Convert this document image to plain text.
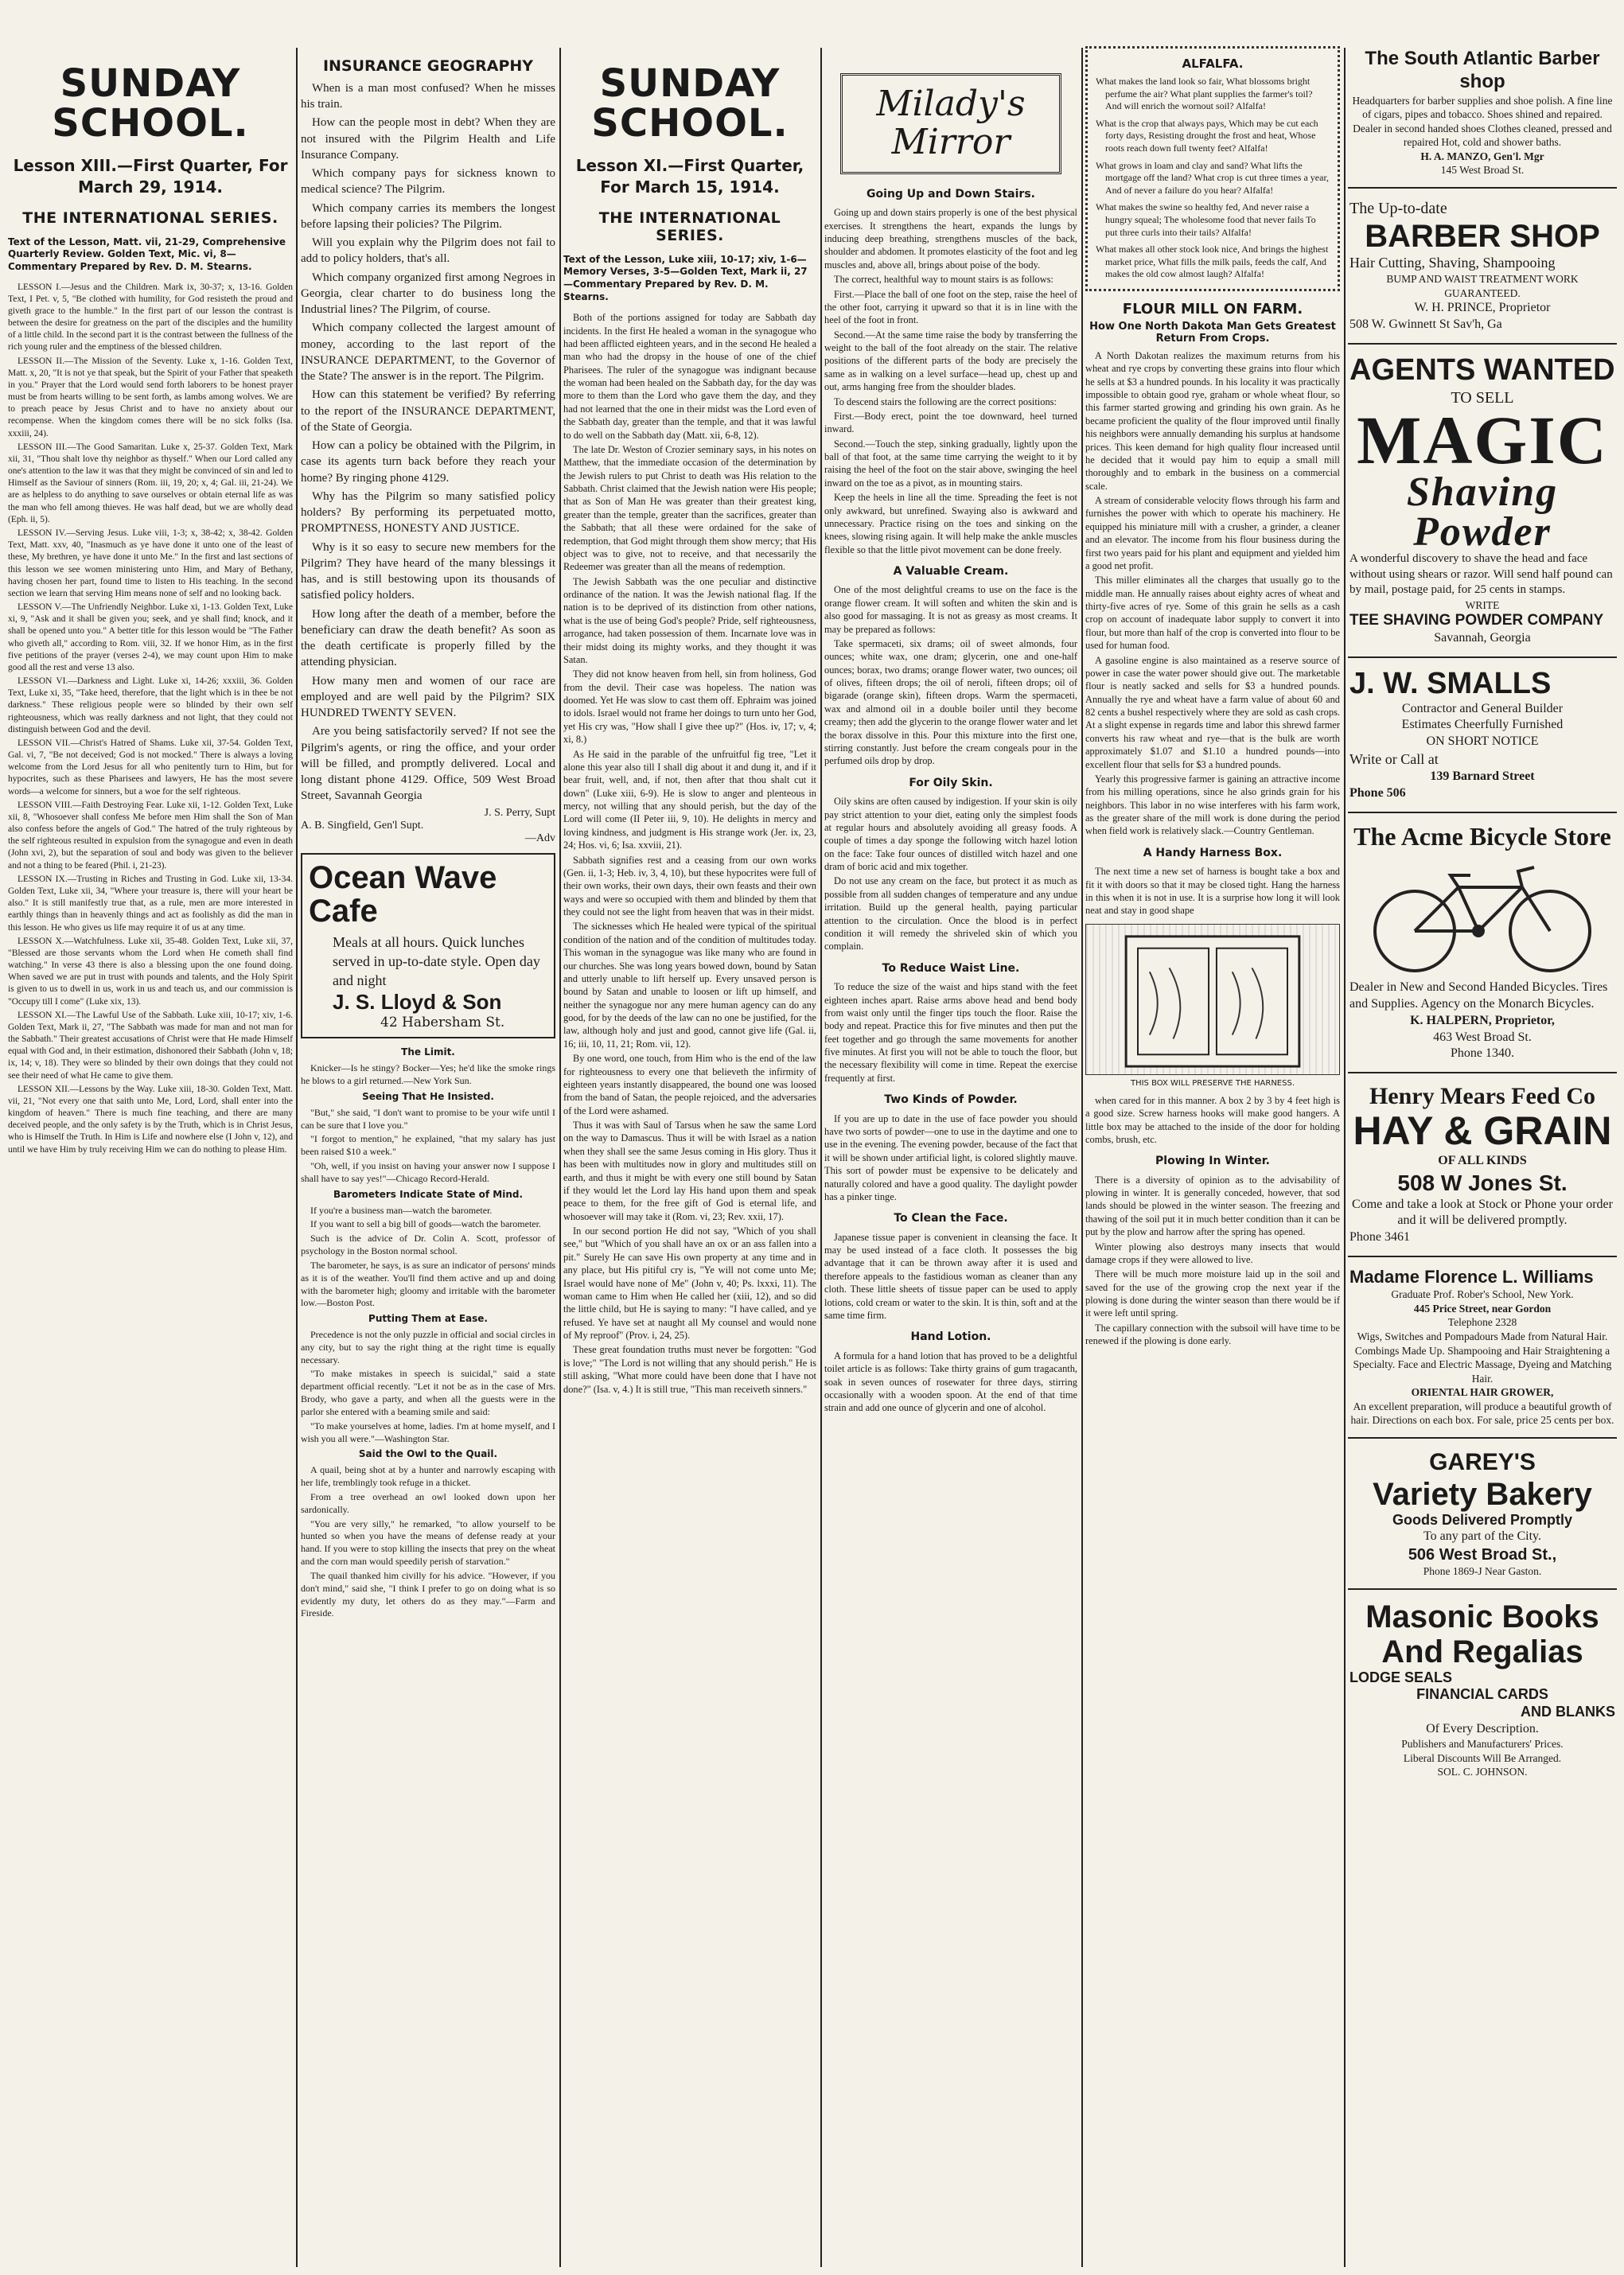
SUNDAY SCHOOL.
Lesson XIII.—First Quarter, For March 29, 1914.
THE INTERNATIONAL SERIES.
Text of the Lesson, Matt. vii, 21-29, Comprehensive Quarterly Review. Golden Text, Mic. vi, 8—Commentary Prepared by Rev. D. M. Stearns.

LESSON I.—Jesus and the Children. Mark ix, 30-37; x, 13-16. Golden Text, I Pet. v, 5, "Be clothed with humility, for God resisteth the proud and giveth grace to the humble." In the first part of our lesson the contrast is between the desire for greatness on the part of the disciples and the humility of a little child. In the second part it is the contrast between the fullness of the rich young ruler and the emptiness of the blessed children.

LESSON II.—The Mission of the Seventy. Luke x, 1-16. Golden Text, Matt. x, 20, "It is not ye that speak, but the Spirit of your Father that speaketh in you." Prayer that the Lord would send forth laborers to be honest prayer must be from hearts willing to be sent forth, as lambs among wolves. We are to preach peace by Jesus Christ and to have no anxiety about our recompense. When the kingdom comes there will be no sick folks (Isa. xxxiii, 24).

LESSON III.—The Good Samaritan. Luke x, 25-37. Golden Text, Mark xii, 31, "Thou shalt love thy neighbor as thyself." When our Lord called any one's attention to the law it was that they might be convinced of sin and led to Himself as the Saviour of sinners (Rom. iii, 19, 20; x, 4; Gal. iii, 21-24). We are as helpless to do anything to save ourselves or obtain eternal life as was the man who fell among thieves. He was half dead, but we are wholly dead (Eph. ii, 5).

LESSON IV.—Serving Jesus. Luke viii, 1-3; x, 38-42; x, 38-42. Golden Text, Matt. xxv, 40, "Inasmuch as ye have done it unto one of the least of these, My brethren, ye have done it unto Me." In the first and last sections of this lesson we see women ministering unto Him, and Mary of Bethany, having chosen her part, found time to listen to His teaching. In the second section we learn that serving Him means none of self and no looking back.

LESSON V.—The Unfriendly Neighbor. Luke xi, 1-13. Golden Text, Luke xi, 9, "Ask and it shall be given you; seek, and ye shall find; knock, and it shall be opened unto you." A better title for this lesson would be "The Father who giveth all," according to Rom. viii, 32. If we honor Him, as in the first five petitions of the prayer (verses 2-4), we may count upon Him to make good all the rest and verse 13 also.

LESSON VI.—Darkness and Light. Luke xi, 14-26; xxxiii, 36. Golden Text, Luke xi, 35, "Take heed, therefore, that the light which is in thee be not darkness." These religious people were so blinded by their own self righteousness, which was really darkness and not light, that they could not distinguish between God and the devil.

LESSON VII.—Christ's Hatred of Shams. Luke xii, 37-54. Golden Text, Gal. vi, 7, "Be not deceived; God is not mocked." There is always a loving welcome from the Lord Jesus for all who penitently turn to Him, but for hypocrites, such as these Pharisees and lawyers, He has the most severe words—a welcome for sinners, but a woe for the self righteous.

LESSON VIII.—Faith Destroying Fear. Luke xii, 1-12. Golden Text, Luke xii, 8, "Whosoever shall confess Me before men Him shall the Son of Man also confess before the angels of God." The hatred of the truly righteous by the self righteous resulted in expulsion from the synagogue and even in death (John xvi, 2), but the separation of soul and body was given to the believer and not a thing to be feared (Phil. i, 21-23).

LESSON IX.—Trusting in Riches and Trusting in God. Luke xii, 13-34. Golden Text, Luke xii, 34, "Where your treasure is, there will your heart be also." It is still manifestly true that, as a rule, men are more interested in earthly things than in heavenly things and act as foolishly as did the man in this lesson. He who gives us life may require it of us at any time.

LESSON X.—Watchfulness. Luke xii, 35-48. Golden Text, Luke xii, 37, "Blessed are those servants whom the Lord when He cometh shall find watching." In verse 43 there is also a blessing upon the one found doing. When saved we are put in trust with pounds and talents, and the Holy Spirit is given to us to dwell in us, work in us and teach us, and our commission is "Occupy till I come" (Luke xix, 13).

LESSON XI.—The Lawful Use of the Sabbath. Luke xiii, 10-17; xiv, 1-6. Golden Text, Mark ii, 27, "The Sabbath was made for man and not man for the Sabbath." Their greatest accusations of Christ were that He made Himself equal with God and, in their estimation, dishonored their Sabbath (John v, 18; ix, 14; v, 18). They were so blinded by their own doings that they could not see their need of what He came to give them.

LESSON XII.—Lessons by the Way. Luke xiii, 18-30. Golden Text, Matt. vii, 21, "Not every one that saith unto Me, Lord, Lord, shall enter into the kingdom of heaven." There is much fine teaching, and there are many deceived people, and the only safety is by the Truth, which is in Christ Jesus, who is Himself the Truth. In Him is Life and nowhere else (I John v, 12), and until we have Him by truly receiving Him we can do nothing to please Him.

INSURANCE GEOGRAPHY

When is a man most confused? When he misses his train.

How can the people most in debt? When they are not insured with the Pilgrim Health and Life Insurance Company.

Which company pays for sickness known to medical science? The Pilgrim.

Which company carries its members the longest before lapsing their policies? The Pilgrim.

Will you explain why the Pilgrim does not fail to add to policy holders, that's all.

Which company organized first among Negroes in Georgia, clear charter to do business long the Industrial lines? The Pilgrim, of course.

Which company collected the largest amount of money, according to the last report of the INSURANCE DEPARTMENT, to the Governor of the State? The answer is in the report. The Pilgrim.

How can this statement be verified? By referring to the report of the INSURANCE DEPARTMENT, of the State of Georgia.

How can a policy be obtained with the Pilgrim, in case its agents turn back before they reach your home? By ringing phone 4129.

Why has the Pilgrim so many satisfied policy holders? By performing its perpetuated motto, PROMPTNESS, HONESTY AND JUSTICE.

Why is it so easy to secure new members for the Pilgrim? They have heard of the many blessings it has, and is still bestowing upon its thousands of satisfied policy holders.

How long after the death of a member, before the beneficiary can draw the death benefit? As soon as the death certificate is properly filled by the attending physician.

How many men and women of our race are employed and are well paid by the Pilgrim? SIX HUNDRED TWENTY SEVEN.

Are you being satisfactorily served? If not see the Pilgrim's agents, or ring the office, and your order will be filled, and promptly delivered. Local and long distant phone 4129. Office, 509 West Broad Street, Savannah Georgia

J. S. Perry, Supt
A. B. Singfield, Gen'l Supt.
—Adv
Ocean Wave Cafe
Meals at all hours. Quick lunches served in up-to-date style. Open day and night
J. S. Lloyd & Son
42 Habersham St.
The Limit.

Knicker—Is he stingy? Bocker—Yes; he'd like the smoke rings he blows to a girl returned.—New York Sun.

Seeing That He Insisted.

"But," she said, "I don't want to promise to be your wife until I can be sure that I love you."

"I forgot to mention," he explained, "that my salary has just been raised $10 a week."

"Oh, well, if you insist on having your answer now I suppose I shall have to say yes!"—Chicago Record-Herald.

Barometers Indicate State of Mind.

If you're a business man—watch the barometer.

If you want to sell a big bill of goods—watch the barometer.

Such is the advice of Dr. Colin A. Scott, professor of psychology in the Boston normal school.

The barometer, he says, is as sure an indicator of persons' minds as it is of the weather. You'll find them active and up and doing with the barometer high; gloomy and irritable with the barometer low.—Boston Post.

Putting Them at Ease.

Precedence is not the only puzzle in official and social circles in any city, but to say the right thing at the right time is equally necessary.

"To make mistakes in speech is suicidal," said a state department official recently. "Let it not be as in the case of Mrs. Brody, who gave a party, and when all the guests were in the parlor she entered with a beaming smile and said:

"To make yourselves at home, ladies. I'm at home myself, and I wish you all were."—Washington Star.

Said the Owl to the Quail.

A quail, being shot at by a hunter and narrowly escaping with her life, tremblingly took refuge in a thicket.

From a tree overhead an owl looked down upon her sardonically.

"You are very silly," he remarked, "to allow yourself to be hunted so when you have the means of defense ready at your hand. If you were to stop killing the insects that prey on the wheat and the corn man would speedily perish of starvation."

The quail thanked him civilly for his advice. "However, if you don't mind," said she, "I think I prefer to go on doing what is so evidently my duty, let others do as they may."—Farm and Fireside.

SUNDAY SCHOOL.
Lesson XI.—First Quarter, For March 15, 1914.
THE INTERNATIONAL SERIES.
Text of the Lesson, Luke xiii, 10-17; xiv, 1-6—Memory Verses, 3-5—Golden Text, Mark ii, 27—Commentary Prepared by Rev. D. M. Stearns.

Both of the portions assigned for today are Sabbath day incidents. In the first He healed a woman in the synagogue who had been afflicted eighteen years, and in the second He healed a man who had the dropsy in the house of one of the chief Pharisees. The ruler of the synagogue was indignant because the woman had been healed on the Sabbath day, for the day was more to them than the Lord who gave them the day, and they had not learned that the one in their midst was the Lord even of the Sabbath day, greater than the temple, and that it was lawful to do well on the Sabbath day (Matt. xii, 6-8, 12).

The late Dr. Weston of Crozier seminary says, in his notes on Matthew, that the immediate occasion of the determination by the Jewish rulers to put Christ to death was His relation to the Sabbath. Christ claimed that the Jewish nation were His people; that as Son of Man He was greater than their greatest king, greater than the temple, greater than the sacrifices, greater than the Sabbath; that all these were ordained for the sake of redemption, that God might through them show mercy; that His object was to give, not to receive, and that necessarily the Redeemer was greater than all the means of redemption.

The Jewish Sabbath was the one peculiar and distinctive ordinance of the nation. It was the Jewish national flag. If the nation is to be deprived of its distinction from other nations, what is the use of being God's people? Pride, self righteousness, arrogance, had taken possession of them. Incarnate love was in their midst doing its mighty works, and they thought it was Satan.

They did not know heaven from hell, sin from holiness, God from the devil. Their case was hopeless. The nation was doomed. Yet He was slow to cast them off. Ephraim was joined to idols. Israel would not frame her doings to turn unto her God, yet His cry was, "How shall I give thee up?" (Hos. iv, 17; v, 4; xi, 8.)

As He said in the parable of the unfruitful fig tree, "Let it alone this year also till I shall dig about it and dung it, and if it bear fruit, well, and, if not, then after that thou shalt cut it down" (Luke xiii, 6-9). He is slow to anger and plenteous in mercy, not willing that any should perish, but the day of the Lord will come (II Peter iii, 9, 10). He delights in mercy and loving kindness, and judgment is His strange work (Jer. ix, 23, 24; Hos. vi, 6; Isa. xxviii, 21).

Sabbath signifies rest and a ceasing from our own works (Gen. ii, 1-3; Heb. iv, 3, 4, 10), but these hypocrites were full of their own works, their own days, their own feasts and their own ways and were so occupied with them and blinded by them that they could not see the light from heaven that was in their midst.

The sicknesses which He healed were typical of the spiritual condition of the nation and of the condition of multitudes today. This woman in the synagogue was like many who are found in our churches. She was long years bowed down, bound by Satan and utterly unable to lift herself up. Every unsaved person is bound by Satan and unable to loosen or lift up himself, and neither the synagogue nor any mere human agency can do any good, for by the deeds of the law can no one be justified, for the law, although holy and just and good, cannot give life (Gal. ii, 16; iii, 10, 11, 21; Rom. vii, 12).

By one word, one touch, from Him who is the end of the law for righteousness to every one that believeth the infirmity of eighteen years instantly disappeared, the bound one was loosed from the band of Satan, the people rejoiced, and the adversaries of the Lord were ashamed.

Thus it was with Saul of Tarsus when he saw the same Lord on the way to Damascus. Thus it will be with Israel as a nation when they shall see the same Jesus coming in His glory. Thus it has been with multitudes now in glory and multitudes still on earth, and thus it might be with every one still bound by Satan if they would let the Lord lay His hand upon them and speak peace to them, for the free gift of God is eternal life, and whosoever will may take it (Rom. vi, 23; Rev. xxii, 17).

In our second portion He did not say, "Which of you shall see," but "Which of you shall have an ox or an ass fallen into a pit." Surely He can save His own property at any time and in any place, but His pitiful cry is, "Ye will not come unto Me; Israel would have none of Me" (John v, 40; Ps. lxxxi, 11). The woman came to Him when He called her (xiii, 12), and so did the little child, but He is saying to many: "I have called, and ye refused. Ye have set at naught all My counsel and would none of My reproof" (Prov. i, 24, 25).

These great foundation truths must never be forgotten: "God is love;" "The Lord is not willing that any should perish." He is still asking, "What more could have been done that I have not done?" (Isa. v, 4.) It is still true, "This man receiveth sinners."

Milady's Mirror
Going Up and Down Stairs.

Going up and down stairs properly is one of the best physical exercises. It strengthens the heart, expands the lungs by inducing deep breathing, strengthens muscles of the back, shoulder and abdomen. It promotes elasticity of the foot and leg muscles and, above all, brings about poise of the body.

The correct, healthful way to mount stairs is as follows:

First.—Place the ball of one foot on the step, raise the heel of the other foot, carrying it upward so that it is in line with the heel of the foot in front.

Second.—At the same time raise the body by transferring the weight to the ball of the foot already on the stair. The relative positions of the different parts of the body are precisely the same as in walking on a level surface—head up, chest up and out, arms hanging free from the shoulder blades.

To descend stairs the following are the correct positions:

First.—Body erect, point the toe downward, heel turned inward.

Second.—Touch the step, sinking gradually, lightly upon the ball of that foot, at the same time carrying the weight to it by raising the heel of the foot on the stair above, swinging the heel inward on the toe as a pivot, as in mounting stairs.

Keep the heels in line all the time. Spreading the feet is not only awkward, but unrefined. Swaying also is awkward and unnecessary. Practice rising on the toes and sinking on the knees, slowing rising again. It will help make the ankle muscles flexible so that the little pivot movement can be done freely.

A Valuable Cream.

One of the most delightful creams to use on the face is the orange flower cream. It will soften and whiten the skin and is also good for massaging. It is not as greasy as most creams. It may be prepared as follows:

Take spermaceti, six drams; oil of sweet almonds, four ounces; white wax, one dram; glycerin, one and one-half ounces; borax, two drams; orange flower water, two ounces; oil of olives, fifteen drops; the oil of neroli, fifteen drops; oil of bigarade (orange skin), fifteen drops. Warm the spermaceti, wax and almond oil in a double boiler until they become creamy; then add the glycerin to the orange flower water and let the borax dissolve in this. Pour this mixture into the first one, stirring constantly. Just before the cream congeals pour in the perfumed oils drop by drop.

For Oily Skin.

Oily skins are often caused by indigestion. If your skin is oily pay strict attention to your diet, eating only the simplest foods at regular hours and absolutely avoiding all greasy foods. A couple of times a day sponge the following witch hazel lotion on the face: Take four ounces of distilled witch hazel and one dram of boric acid and mix together.

Do not use any cream on the face, but protect it as much as possible from all sudden changes of temperature and any undue irritation. Build up the general health, paying particular attention to the circulation. Once the blood is in perfect condition it will remedy the shriveled skin of which you complain.

To Reduce Waist Line.

To reduce the size of the waist and hips stand with the feet eighteen inches apart. Raise arms above head and bend body from waist only until the finger tips touch the floor. Raise the body and repeat. Practice this for five minutes and then put the feet together and go through the same movements for another five minutes. At first you will not be able to touch the floor, but the necessary flexibility will come in time. Repeat the exercise frequently at first.

Two Kinds of Powder.

If you are up to date in the use of face powder you should have two sorts of powder—one to use in the daytime and one to use in the evening. The evening powder, because of the fact that it will be shown under artificial light, is colored slightly mauve. This sort of powder must be expensive to be delicately and naturally colored and have a good quality. The daylight powder has a pinker tinge.

To Clean the Face.

Japanese tissue paper is convenient in cleansing the face. It may be used instead of a face cloth. It possesses the big advantage that it can be thrown away after it is used and therefore appeals to the fastidious woman as cleaner than any cloth. These little sheets of tissue paper can be used to apply lotions, cold cream or water to the skin. It is thin, soft and at the same time firm.

Hand Lotion.

A formula for a hand lotion that has proved to be a delightful toilet article is as follows: Take thirty grains of gum tragacanth, soak in seven ounces of rosewater for three days, stirring occasionally with a wooden spoon. At the end of that time strain and add one ounce of glycerin and one of alcohol.

ALFALFA.
What makes the land look so fair, What blossoms bright perfume the air? What plant supplies the farmer's toil? And will enrich the wornout soil? Alfalfa!
What is the crop that always pays, Which may be cut each forty days, Resisting drought the frost and heat, Whose roots reach down full twenty feet? Alfalfa!
What grows in loam and clay and sand? What lifts the mortgage off the land? What crop is cut three times a year, And of never a failure do you hear? Alfalfa!
What makes the swine so healthy fed, And never raise a hungry squeal; The wholesome food that never fails To put three curls into their tails? Alfalfa!
What makes all other stock look nice, And brings the highest market price, What fills the milk pails, feeds the calf, And makes the old cow almost laugh? Alfalfa!
FLOUR MILL ON FARM.
How One North Dakota Man Gets Greatest Return From Crops.

A North Dakotan realizes the maximum returns from his wheat and rye crops by converting these grains into flour which he sells at $3 a hundred pounds. In his locality it was practically impossible to obtain good rye, graham or whole wheat flour, so this farmer started growing and grinding his own grain. As he became proficient the quality of the flour improved until finally his neighbors were annually demanding his surplus at handsome prices. This keen demand for high quality flour increased until he decided that it would pay him to equip a small mill thoroughly and to embark in the business on a commercial scale.

A stream of considerable velocity flows through his farm and furnishes the power with which to operate his machinery. He equipped his miniature mill with a crusher, a grinder, a cleaner and an elevator. The income from his flour business during the first two years paid for his plant and equipment and yielded him a good net profit.

This miller eliminates all the charges that usually go to the middle man. He annually raises about eighty acres of wheat and thirty-five acres of rye. Some of this grain he sells as a cash crop on account of inadequate labor supply to convert it into flour, but more than half of the crop is converted into flour to be used for human food.

A gasoline engine is also maintained as a reserve source of power in case the water power should give out. The marketable flour is neatly sacked and sells for $3 a hundred pounds. Annually the rye and wheat have a farm value of about 60 and 82 cents a bushel respectively where they are sold as cash crops. At a slight expense in regards time and labor this shrewd farmer converts his raw wheat and rye—that is the bulk are worth approximately $1.07 and $1.10 a hundred pounds—into excellent flour that sells for $3 a hundred pounds.

Yearly this progressive farmer is gaining an attractive income from his milling operations, since he also grinds grain for his neighbors. This labor in no wise interferes with his farm work, as the greater share of the mill work is done during the period when field work is relatively slack.—Country Gentleman.

A Handy Harness Box.

The next time a new set of harness is bought take a box and fit it with doors so that it may be closed tight. Hang the harness in this when it is not in use. It is a surprise how long it will look neat and stay in good shape

THIS BOX WILL PRESERVE THE HARNESS.

when cared for in this manner. A box 2 by 3 by 4 feet high is a good size. Screw harness hooks will make good hangers. A little box may be attached to the inside of the door for holding combs, brush, etc.

Plowing In Winter.

There is a diversity of opinion as to the advisability of plowing in winter. It is generally conceded, however, that sod lands should be plowed in the winter season. The freezing and thawing of the soil put it in much better condition than it can be put by the plow and harrow after the spring has opened.

Winter plowing also destroys many insects that would damage crops if they were allowed to live.

There will be much more moisture laid up in the soil and saved for the use of the growing crop the next year if the plowing is done during the winter season than there would be if it were left until spring.

The capillary connection with the subsoil will have time to be renewed if the plowing is done early.

The South Atlantic Barber shop
Headquarters for barber supplies and shoe polish. A fine line of cigars, pipes and tobacco. Shoes shined and repaired.
Dealer in second handed shoes Clothes cleaned, pressed and repaired Hot, cold and shower baths.
H. A. MANZO, Gen'l. Mgr
145 West Broad St.
The Up-to-date
BARBER SHOP
Hair Cutting, Shaving, Shampooing
BUMP AND WAIST TREATMENT WORK GUARANTEED.
W. H. PRINCE, Proprietor
508 W. Gwinnett St Sav'h, Ga
AGENTS WANTED
TO SELL
MAGIC
Shaving Powder
A wonderful discovery to shave the head and face without using shears or razor. Will send half pound can by mail, postage paid, for 25 cents in stamps.
WRITE
TEE SHAVING POWDER COMPANY
Savannah, Georgia
J. W. SMALLS
Contractor and General Builder
Estimates Cheerfully Furnished
ON SHORT NOTICE
Write or Call at
139 Barnard Street
Phone 506
The Acme Bicycle Store
Dealer in New and Second Handed Bicycles. Tires and Supplies. Agency on the Monarch Bicycles.
K. HALPERN, Proprietor,
463 West Broad St.
Phone 1340.
Henry Mears Feed Co
HAY & GRAIN
OF ALL KINDS
508 W Jones St.
Come and take a look at Stock or Phone your order and it will be delivered promptly.
Phone 3461
Madame Florence L. Williams
Graduate Prof. Rober's School, New York.
445 Price Street, near Gordon
Telephone 2328
Wigs, Switches and Pompadours Made from Natural Hair. Combings Made Up. Shampooing and Hair Straightening a Specialty. Face and Electric Massage, Dyeing and Matching Hair.
ORIENTAL HAIR GROWER,
An excellent preparation, will produce a beautiful growth of hair. Directions on each box. For sale, price 25 cents per box.
GAREY'S
Variety Bakery
Goods Delivered Promptly
To any part of the City.
506 West Broad St.,
Phone 1869-J Near Gaston.
Masonic Books
And Regalias
LODGE SEALS
FINANCIAL CARDS
AND BLANKS
Of Every Description.
Publishers and Manufacturers' Prices.
Liberal Discounts Will Be Arranged.
SOL. C. JOHNSON.
